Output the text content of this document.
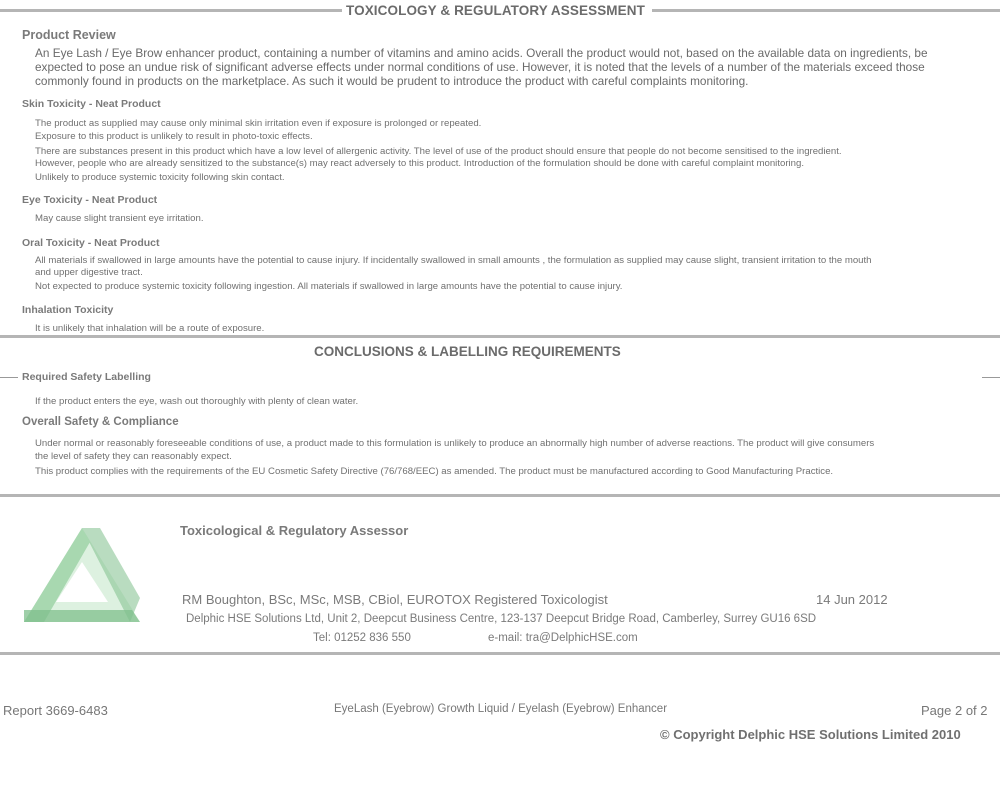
TOXICOLOGY & REGULATORY ASSESSMENT
Product Review
An Eye Lash / Eye Brow enhancer product, containing a number of vitamins and amino acids. Overall the product would not, based on the available data on ingredients, be expected to pose an undue risk of significant adverse effects under normal conditions of use. However, it is noted that the levels of a number of the materials exceed those commonly found in products on the marketplace. As such it would be prudent to introduce the product with careful complaints monitoring.
Skin Toxicity - Neat Product
The product as supplied may cause only minimal skin irritation even if exposure is prolonged or repeated.
Exposure to this product is unlikely to result in photo-toxic effects.
There are substances present in this product which have a low level of allergenic activity. The level of use of the product should ensure that people do not become sensitised to the ingredient.
However, people who are already sensitized to the substance(s) may react adversely to this product. Introduction of the formulation should be done with careful complaint monitoring.
Unlikely to produce systemic toxicity following skin contact.
Eye Toxicity - Neat Product
May cause slight transient eye irritation.
Oral Toxicity - Neat Product
All materials if swallowed in large amounts have the potential to cause injury. If incidentally swallowed in small amounts , the formulation as supplied may cause slight, transient irritation to the mouth
and upper digestive tract.
Not expected to produce systemic toxicity following ingestion. All materials if swallowed in large amounts have the potential to cause injury.
Inhalation Toxicity
It is unlikely that inhalation will be a route of exposure.
CONCLUSIONS & LABELLING REQUIREMENTS
Required Safety Labelling
If the product enters the eye, wash out thoroughly with plenty of clean water.
Overall Safety & Compliance
Under normal or reasonably foreseeable conditions of use, a product made to this formulation is unlikely to produce an abnormally high number of adverse reactions. The product will give consumers
the level of safety they can reasonably expect.
This product complies with the requirements of the EU Cosmetic Safety Directive (76/768/EEC) as amended. The product must be manufactured according to Good Manufacturing Practice.
Toxicological & Regulatory Assessor
RM Boughton, BSc, MSc, MSB, CBiol, EUROTOX Registered Toxicologist	14 Jun 2012
Delphic HSE Solutions Ltd, Unit 2, Deepcut Business Centre, 123-137 Deepcut Bridge Road, Camberley, Surrey GU16 6SD
Tel: 01252 836 550	e-mail: tra@DelphicHSE.com
Report 3669-6483	EyeLash (Eyebrow) Growth Liquid / Eyelash (Eyebrow) Enhancer	Page 2 of 2
© Copyright Delphic HSE Solutions Limited 2010
